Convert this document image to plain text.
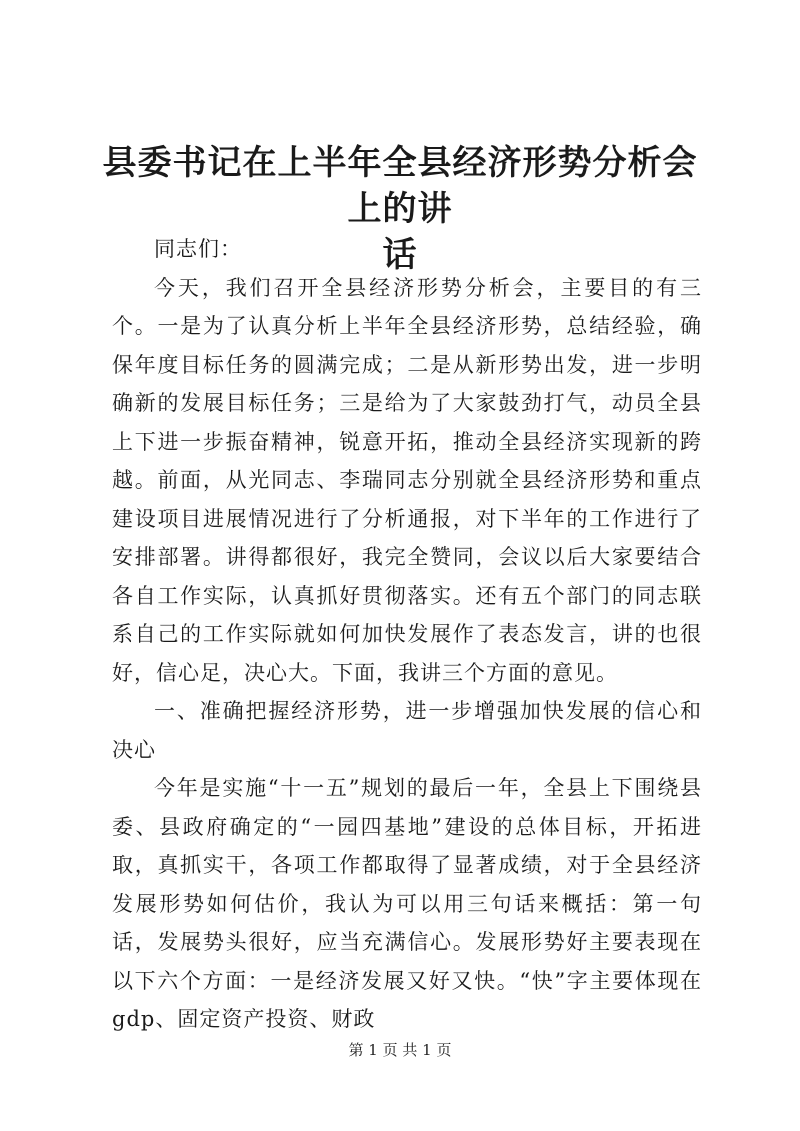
县委书记在上半年全县经济形势分析会上的讲
话

同志们：

今天，我们召开全县经济形势分析会，主要目的有三个。一是为了认真分析上半年全县经济形势，总结经验，确保年度目标任务的圆满完成；二是从新形势出发，进一步明确新的发展目标任务；三是给为了大家鼓劲打气，动员全县上下进一步振奋精神，锐意开拓，推动全县经济实现新的跨越。前面，从光同志、李瑞同志分别就全县经济形势和重点建设项目进展情况进行了分析通报，对下半年的工作进行了安排部署。讲得都很好，我完全赞同，会议以后大家要结合各自工作实际，认真抓好贯彻落实。还有五个部门的同志联系自己的工作实际就如何加快发展作了表态发言，讲的也很好，信心足，决心大。下面，我讲三个方面的意见。

一、准确把握经济形势，进一步增强加快发展的信心和决心

今年是实施“十一五”规划的最后一年，全县上下围绕县委、县政府确定的“一园四基地”建设的总体目标，开拓进取，真抓实干，各项工作都取得了显著成绩，对于全县经济发展形势如何估价，我认为可以用三句话来概括：第一句话，发展势头很好，应当充满信心。发展形势好主要表现在以下六个方面：一是经济发展又好又快。“快”字主要体现在gdp、固定资产投资、财政

第 1 页 共 1 页
